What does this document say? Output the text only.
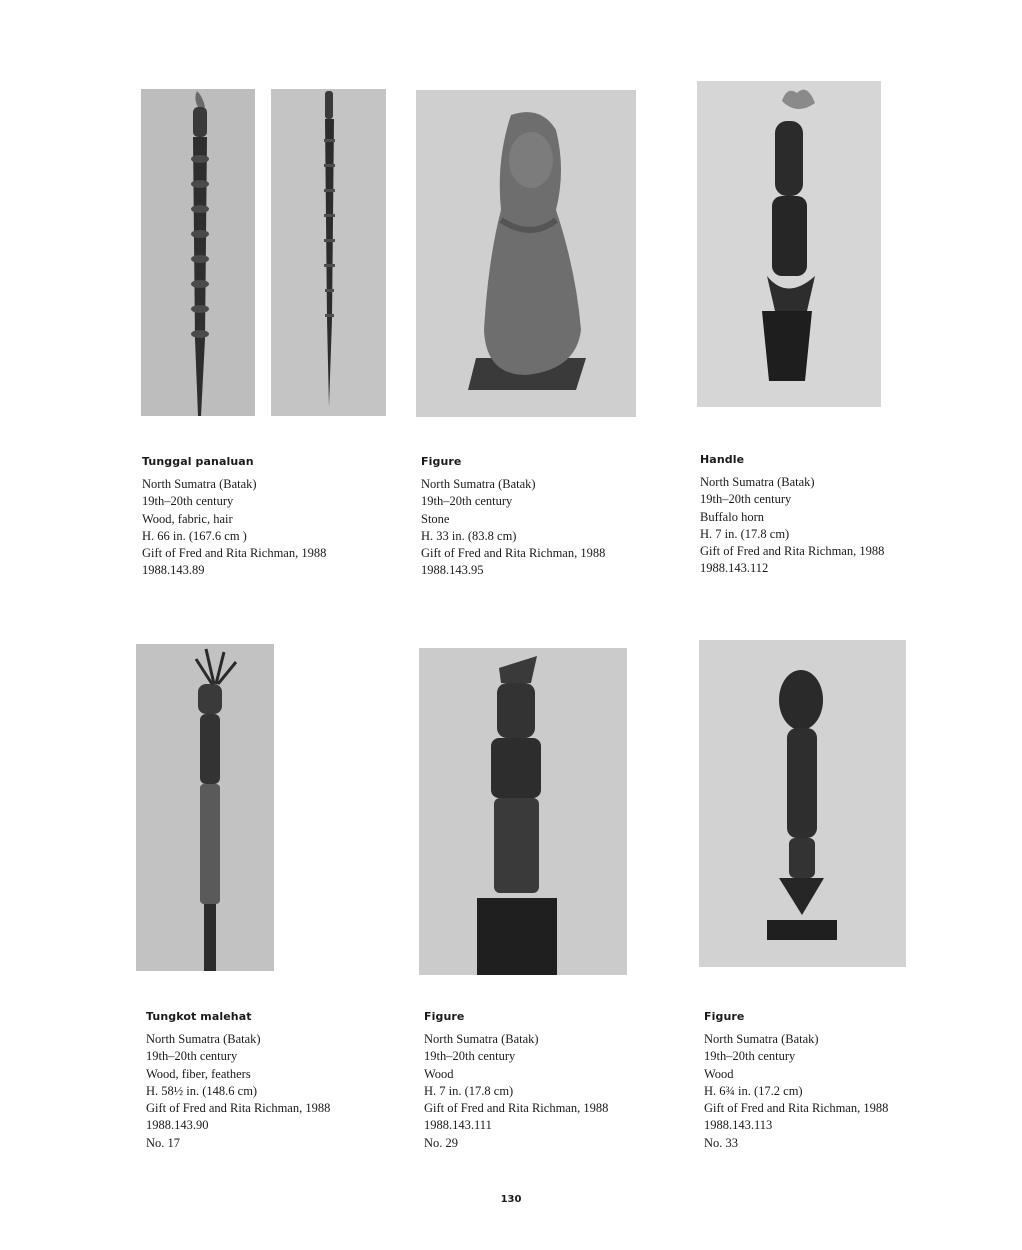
Tunggal panaluan

North Sumatra (Batak)

19th–20th century

Wood, fabric, hair

H. 66 in. (167.6 cm )

Gift of Fred and Rita Richman, 1988

1988.143.89

Figure

North Sumatra (Batak)

19th–20th century

Stone

H. 33 in. (83.8 cm)

Gift of Fred and Rita Richman, 1988

1988.143.95

Handle

North Sumatra (Batak)

19th–20th century

Buffalo horn

H. 7 in. (17.8 cm)

Gift of Fred and Rita Richman, 1988

1988.143.112

Tungkot malehat

North Sumatra (Batak)

19th–20th century

Wood, fiber, feathers

H. 58½ in. (148.6 cm)

Gift of Fred and Rita Richman, 1988

1988.143.90

No. 17

Figure

North Sumatra (Batak)

19th–20th century

Wood

H. 7 in. (17.8 cm)

Gift of Fred and Rita Richman, 1988

1988.143.111

No. 29

Figure

North Sumatra (Batak)

19th–20th century

Wood

H. 6¾ in. (17.2 cm)

Gift of Fred and Rita Richman, 1988

1988.143.113

No. 33

130
